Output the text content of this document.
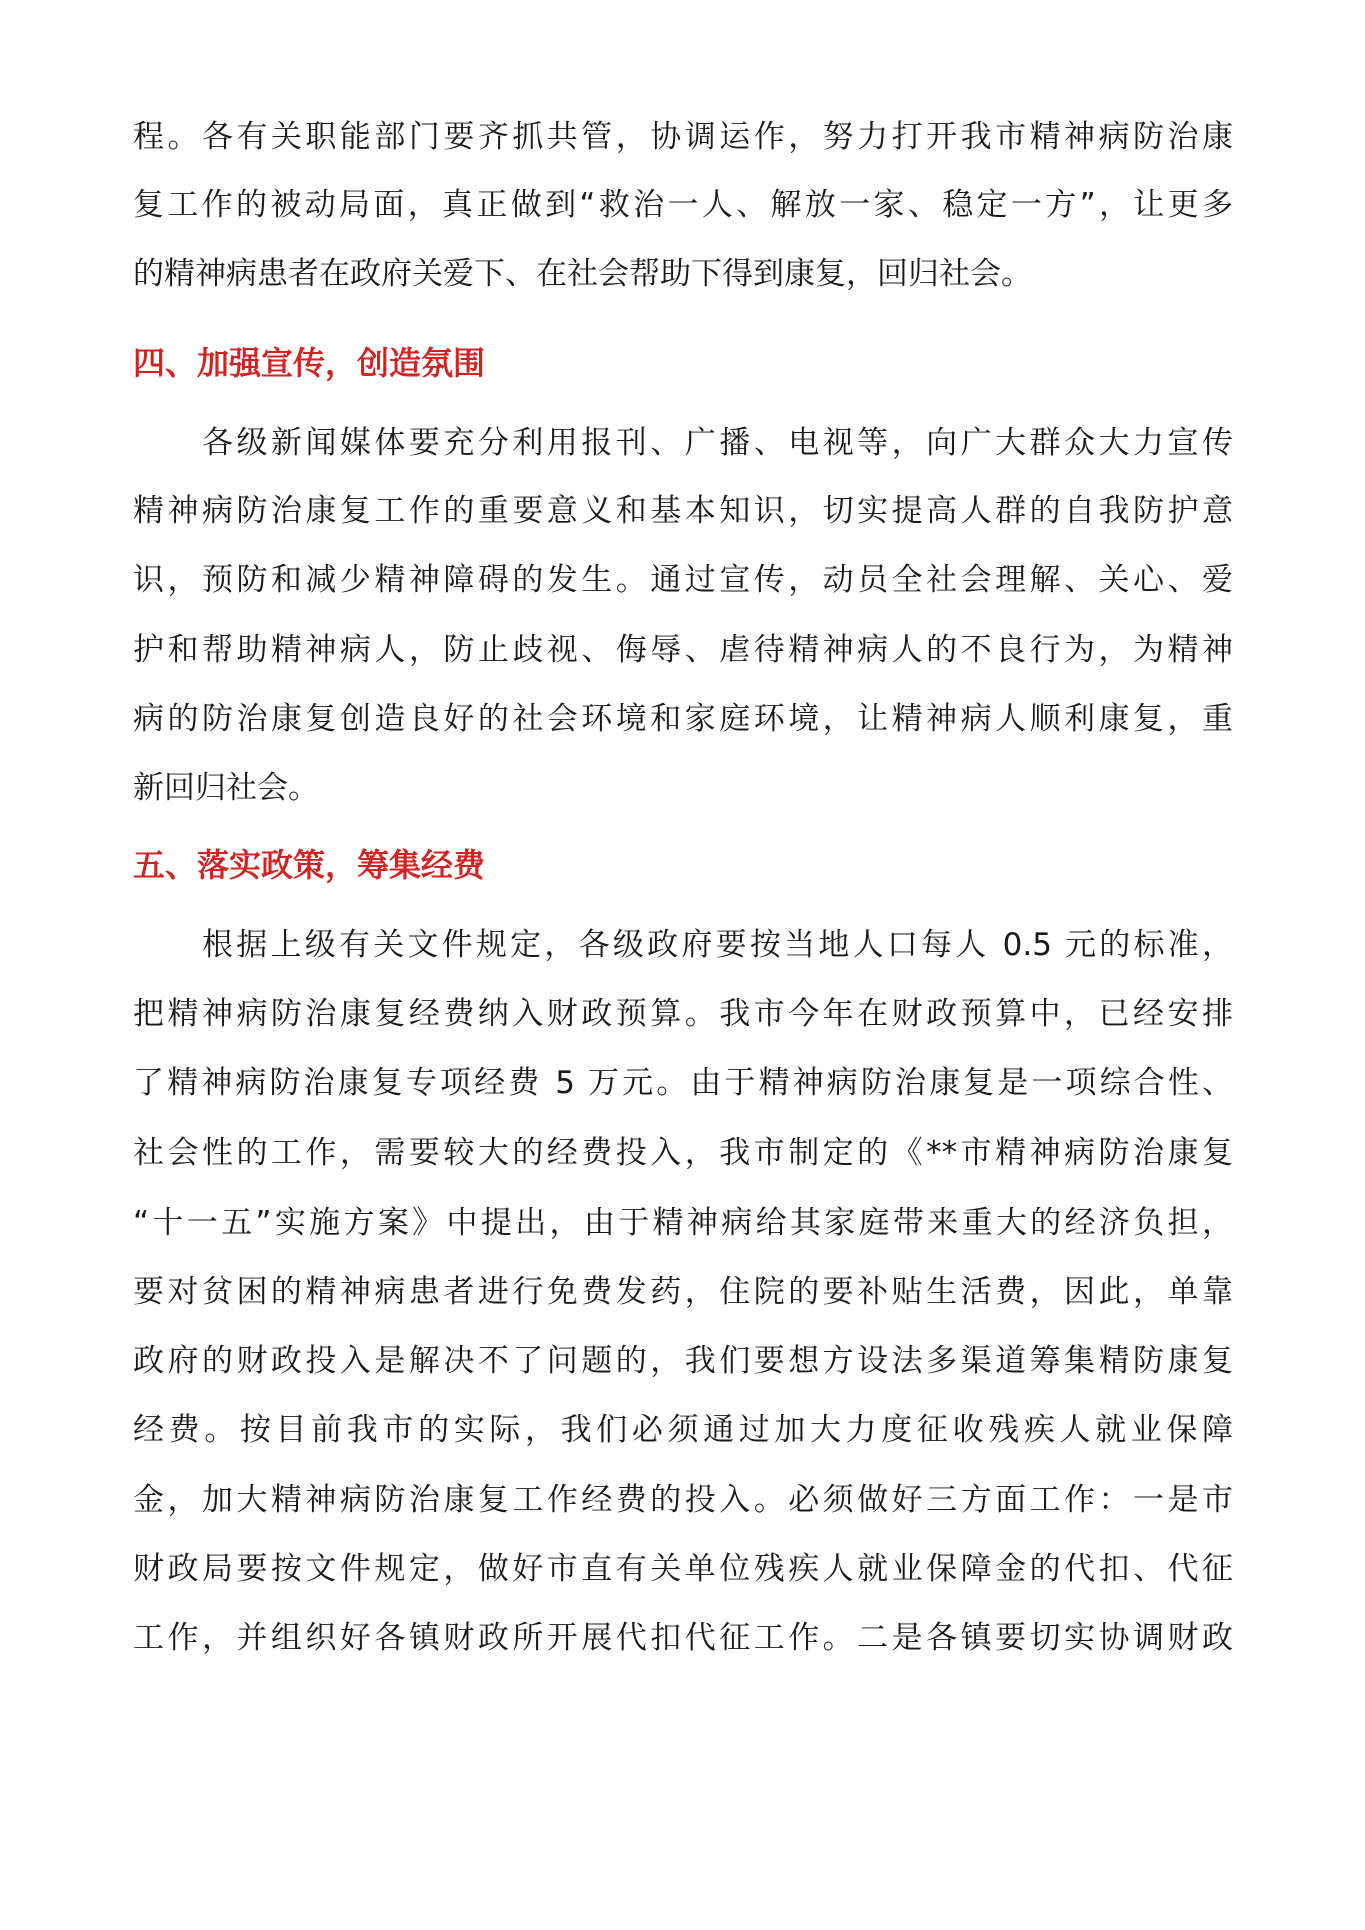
程。各有关职能部门要齐抓共管，协调运作，努力打开我市精神病防治康
复工作的被动局面，真正做到“救治一人、解放一家、稳定一方”，让更多
的精神病患者在政府关爱下、在社会帮助下得到康复，回归社会。
四、加强宣传，创造氛围
各级新闻媒体要充分利用报刊、广播、电视等，向广大群众大力宣传
精神病防治康复工作的重要意义和基本知识，切实提高人群的自我防护意
识，预防和减少精神障碍的发生。通过宣传，动员全社会理解、关心、爱
护和帮助精神病人，防止歧视、侮辱、虐待精神病人的不良行为，为精神
病的防治康复创造良好的社会环境和家庭环境，让精神病人顺利康复，重
新回归社会。
五、落实政策，筹集经费
根据上级有关文件规定，各级政府要按当地人口每人 0.5 元的标准，
把精神病防治康复经费纳入财政预算。我市今年在财政预算中，已经安排
了精神病防治康复专项经费 5 万元。由于精神病防治康复是一项综合性、
社会性的工作，需要较大的经费投入，我市制定的《**市精神病防治康复
“十一五”实施方案》中提出，由于精神病给其家庭带来重大的经济负担，
要对贫困的精神病患者进行免费发药，住院的要补贴生活费，因此，单靠
政府的财政投入是解决不了问题的，我们要想方设法多渠道筹集精防康复
经费。按目前我市的实际，我们必须通过加大力度征收残疾人就业保障
金，加大精神病防治康复工作经费的投入。必须做好三方面工作：一是市
财政局要按文件规定，做好市直有关单位残疾人就业保障金的代扣、代征
工作，并组织好各镇财政所开展代扣代征工作。二是各镇要切实协调财政
